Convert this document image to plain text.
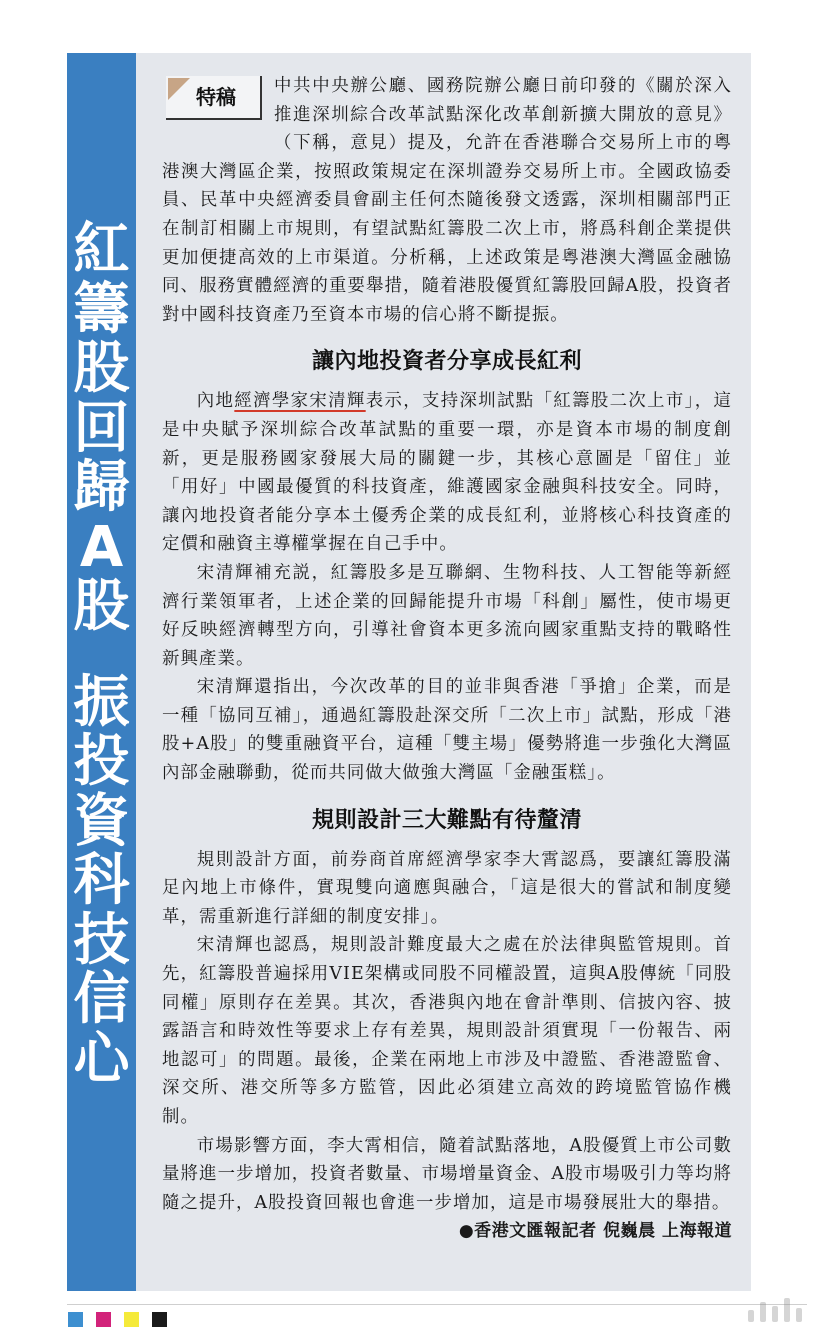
紅
籌
股
回
歸
A
股
振
投
資
科
技
信
心
特稿	中共中央辦公廳、國務院辦公廳日前印發的《關於深入推進深圳綜合改革試點深化改革創新擴大開放的意見》（下稱，意見）提及，允許在香港聯合交易所上市的粵港澳大灣區企業，按照政策規定在深圳證券交易所上市。全國政協委員、民革中央經濟委員會副主任何杰隨後發文透露，深圳相關部門正在制訂相關上市規則，有望試點紅籌股二次上市，將爲科創企業提供更加便捷高效的上市渠道。分析稱，上述政策是粵港澳大灣區金融協同、服務實體經濟的重要舉措，隨着港股優質紅籌股回歸A股，投資者對中國科技資產乃至資本市場的信心將不斷提振。

讓內地投資者分享成長紅利

內地經濟學家宋清輝表示，支持深圳試點「紅籌股二次上市」，這是中央賦予深圳綜合改革試點的重要一環，亦是資本市場的制度創新，更是服務國家發展大局的關鍵一步，其核心意圖是「留住」並「用好」中國最優質的科技資產，維護國家金融與科技安全。同時，讓內地投資者能分享本土優秀企業的成長紅利，並將核心科技資產的定價和融資主導權掌握在自己手中。

宋清輝補充説，紅籌股多是互聯網、生物科技、人工智能等新經濟行業領軍者，上述企業的回歸能提升市場「科創」屬性，使市場更好反映經濟轉型方向，引導社會資本更多流向國家重點支持的戰略性新興產業。

宋清輝還指出，今次改革的目的並非與香港「爭搶」企業，而是一種「協同互補」，通過紅籌股赴深交所「二次上市」試點，形成「港股+A股」的雙重融資平台，這種「雙主場」優勢將進一步強化大灣區內部金融聯動，從而共同做大做強大灣區「金融蛋糕」。

規則設計三大難點有待釐清

規則設計方面，前券商首席經濟學家李大霄認爲，要讓紅籌股滿足內地上市條件，實現雙向適應與融合，「這是很大的嘗試和制度變革，需重新進行詳細的制度安排」。

宋清輝也認爲，規則設計難度最大之處在於法律與監管規則。首先，紅籌股普遍採用VIE架構或同股不同權設置，這與A股傳統「同股同權」原則存在差異。其次，香港與內地在會計準則、信披內容、披露語言和時效性等要求上存有差異，規則設計須實現「一份報告、兩地認可」的問題。最後，企業在兩地上市涉及中證監、香港證監會、深交所、港交所等多方監管，因此必須建立高效的跨境監管協作機制。

市場影響方面，李大霄相信，隨着試點落地，A股優質上市公司數量將進一步增加，投資者數量、市場增量資金、A股市場吸引力等均將隨之提升，A股投資回報也會進一步增加，這是市場發展壯大的舉措。
●香港文匯報記者 倪巍晨 上海報道
